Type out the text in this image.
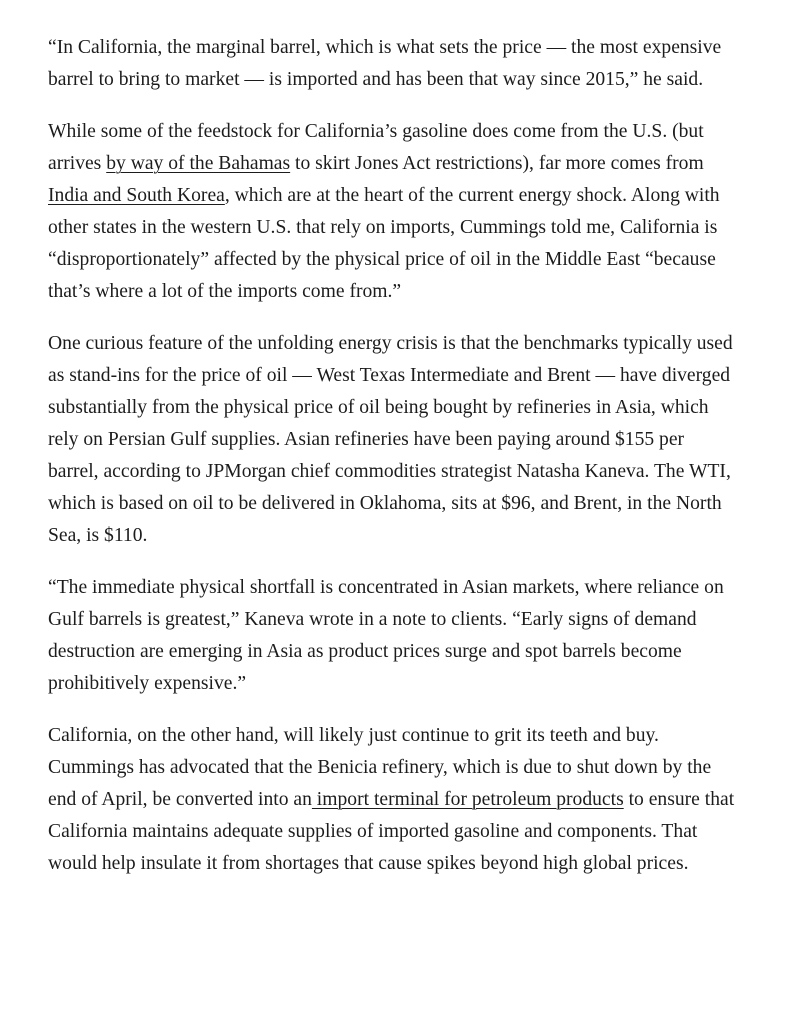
“In California, the marginal barrel, which is what sets the price — the most expensive barrel to bring to market — is imported and has been that way since 2015,” he said.

While some of the feedstock for California’s gasoline does come from the U.S. (but arrives by way of the Bahamas to skirt Jones Act restrictions), far more comes from India and South Korea, which are at the heart of the current energy shock. Along with other states in the western U.S. that rely on imports, Cummings told me, California is “disproportionately” affected by the physical price of oil in the Middle East “because that’s where a lot of the imports come from.”

One curious feature of the unfolding energy crisis is that the benchmarks typically used as stand-ins for the price of oil — West Texas Intermediate and Brent — have diverged substantially from the physical price of oil being bought by refineries in Asia, which rely on Persian Gulf supplies. Asian refineries have been paying around $155 per barrel, according to JPMorgan chief commodities strategist Natasha Kaneva. The WTI, which is based on oil to be delivered in Oklahoma, sits at $96, and Brent, in the North Sea, is $110.

“The immediate physical shortfall is concentrated in Asian markets, where reliance on Gulf barrels is greatest,” Kaneva wrote in a note to clients. “Early signs of demand destruction are emerging in Asia as product prices surge and spot barrels become prohibitively expensive.”

California, on the other hand, will likely just continue to grit its teeth and buy. Cummings has advocated that the Benicia refinery, which is due to shut down by the end of April, be converted into an import terminal for petroleum products to ensure that California maintains adequate supplies of imported gasoline and components. That would help insulate it from shortages that cause spikes beyond high global prices.
